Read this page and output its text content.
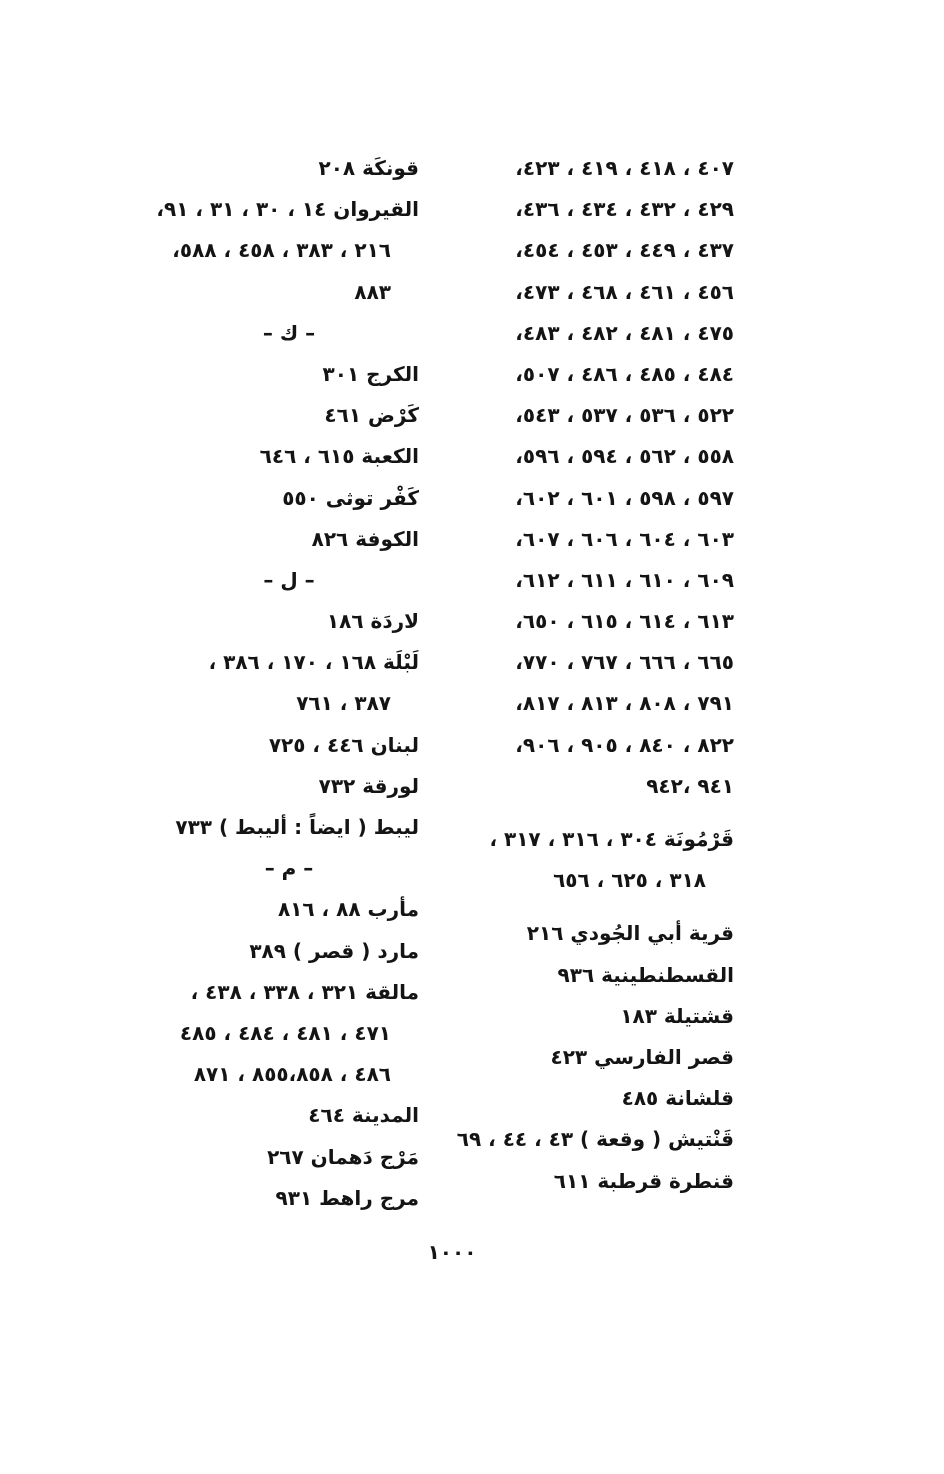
٤٠٧ ، ٤١٨ ، ٤١٩ ، ٤٢٣،
٤٢٩ ، ٤٣٢ ، ٤٣٤ ، ٤٣٦،
٤٣٧ ، ٤٤٩ ، ٤٥٣ ، ٤٥٤،
٤٥٦ ، ٤٦١ ، ٤٦٨ ، ٤٧٣،
٤٧٥ ، ٤٨١ ، ٤٨٢ ، ٤٨٣،
٤٨٤ ، ٤٨٥ ، ٤٨٦ ، ٥٠٧،
٥٢٢ ، ٥٣٦ ، ٥٣٧ ، ٥٤٣،
٥٥٨ ، ٥٦٢ ، ٥٩٤ ، ٥٩٦،
٥٩٧ ، ٥٩٨ ، ٦٠١ ، ٦٠٢،
٦٠٣ ، ٦٠٤ ، ٦٠٦ ، ٦٠٧،
٦٠٩ ، ٦١٠ ، ٦١١ ، ٦١٢،
٦١٣ ، ٦١٤ ، ٦١٥ ، ٦٥٠،
٦٦٥ ، ٦٦٦ ، ٧٦٧ ، ٧٧٠،
٧٩١ ، ٨٠٨ ، ٨١٣ ، ٨١٧،
٨٢٢ ، ٨٤٠ ، ٩٠٥ ، ٩٠٦،
٩٤١ ،٩٤٢
قَرْمُونَة ٣٠٤ ، ٣١٦ ، ٣١٧ ،
٣١٨ ، ٦٢٥ ، ٦٥٦
قرية أبي الجُودي ٢١٦
القسطنطينية ٩٣٦
قشتيلة ١٨٣
قصر الفارسي ٤٢٣
قلشانة ٤٨٥
قَنْتيش ( وقعة ) ٤٣ ، ٤٤ ، ٦٩
قنطرة قرطبة ٦١١
قونكَة ٢٠٨
القيروان ١٤ ، ٣٠ ، ٣١ ، ٩١،
٢١٦ ، ٣٨٣ ، ٤٥٨ ، ٥٨٨،
٨٨٣
– ك –
الكرج ٣٠١
كَرْض ٤٦١
الكعبة ٦١٥ ، ٦٤٦
كَفْر توثى ٥٥٠
الكوفة ٨٢٦
– ل –
لاردَة ١٨٦
لَبْلَة ١٦٨ ، ١٧٠ ، ٣٨٦ ،
٣٨٧ ، ٧٦١
لبنان ٤٤٦ ، ٧٢٥
لورقة ٧٣٢
ليبط ( ايضاً : أليبط ) ٧٣٣
– م –
مأرب ٨٨ ، ٨١٦
مارد ( قصر ) ٣٨٩
مالقة ٣٢١ ، ٣٣٨ ، ٤٣٨ ،
٤٧١ ، ٤٨١ ، ٤٨٤ ، ٤٨٥
٤٨٦ ، ٨٥٥،٨٥٨ ، ٨٧١
المدينة ٤٦٤
مَرْج دَهمان ٢٦٧
مرج راهط ٩٣١
١٠٠٠
